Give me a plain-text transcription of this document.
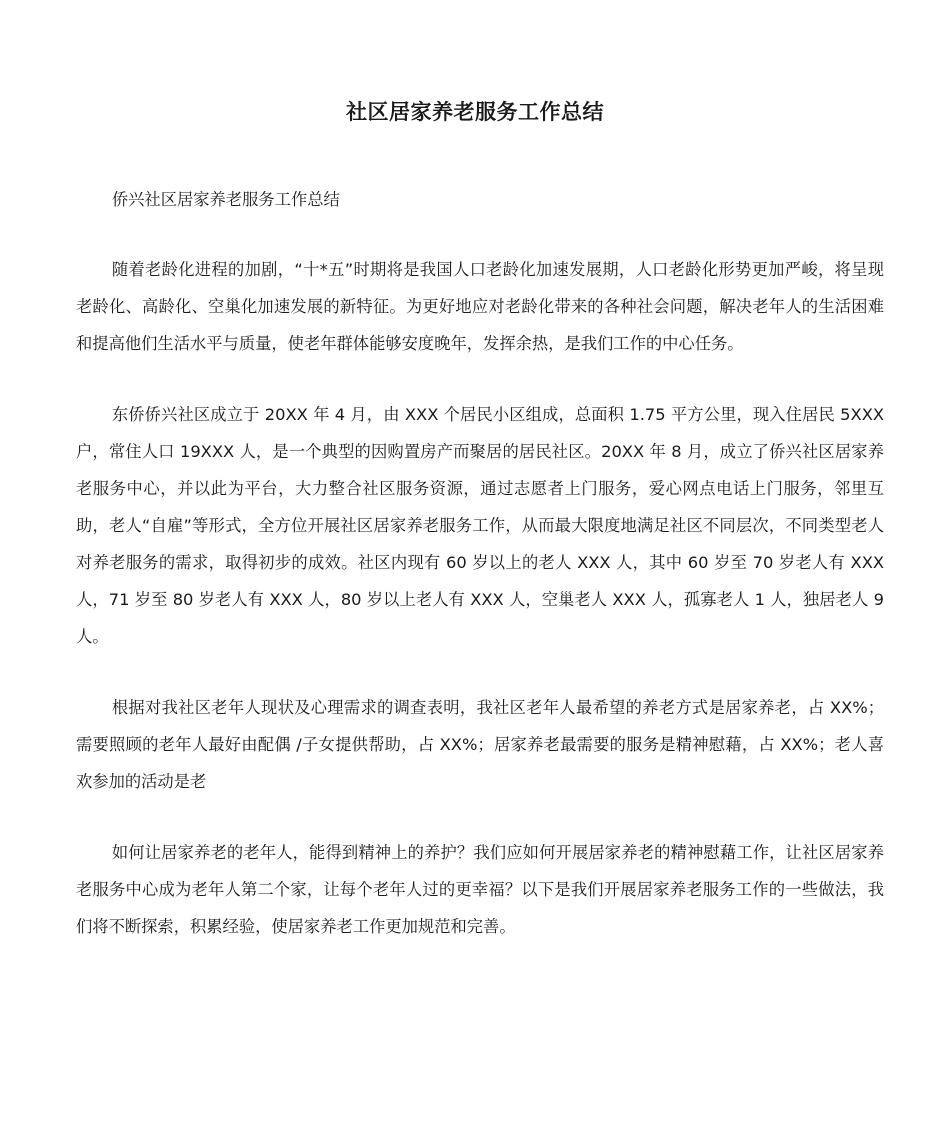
社区居家养老服务工作总结

侨兴社区居家养老服务工作总结

随着老龄化进程的加剧，“十*五”时期将是我国人口老龄化加速发展期，人口老龄化形势更加严峻，将呈现老龄化、高龄化、空巢化加速发展的新特征。为更好地应对老龄化带来的各种社会问题，解决老年人的生活困难和提高他们生活水平与质量，使老年群体能够安度晚年，发挥余热，是我们工作的中心任务。

东侨侨兴社区成立于 20XX 年 4 月，由 XXX 个居民小区组成，总面积 1.75 平方公里，现入住居民 5XXX 户，常住人口 19XXX 人，是一个典型的因购置房产而聚居的居民社区。20XX 年 8 月，成立了侨兴社区居家养老服务中心，并以此为平台，大力整合社区服务资源，通过志愿者上门服务，爱心网点电话上门服务，邻里互助，老人“自雇”等形式，全方位开展社区居家养老服务工作，从而最大限度地满足社区不同层次，不同类型老人对养老服务的需求，取得初步的成效。社区内现有 60 岁以上的老人 XXX 人，其中 60 岁至 70 岁老人有 XXX 人，71 岁至 80 岁老人有 XXX 人，80 岁以上老人有 XXX 人，空巢老人 XXX 人，孤寡老人 1 人，独居老人 9 人。

根据对我社区老年人现状及心理需求的调查表明，我社区老年人最希望的养老方式是居家养老，占 XX%；需要照顾的老年人最好由配偶 /子女提供帮助，占 XX%；居家养老最需要的服务是精神慰藉，占 XX%；老人喜欢参加的活动是老

如何让居家养老的老年人，能得到精神上的养护？我们应如何开展居家养老的精神慰藉工作，让社区居家养老服务中心成为老年人第二个家，让每个老年人过的更幸福？以下是我们开展居家养老服务工作的一些做法，我们将不断探索，积累经验，使居家养老工作更加规范和完善。
